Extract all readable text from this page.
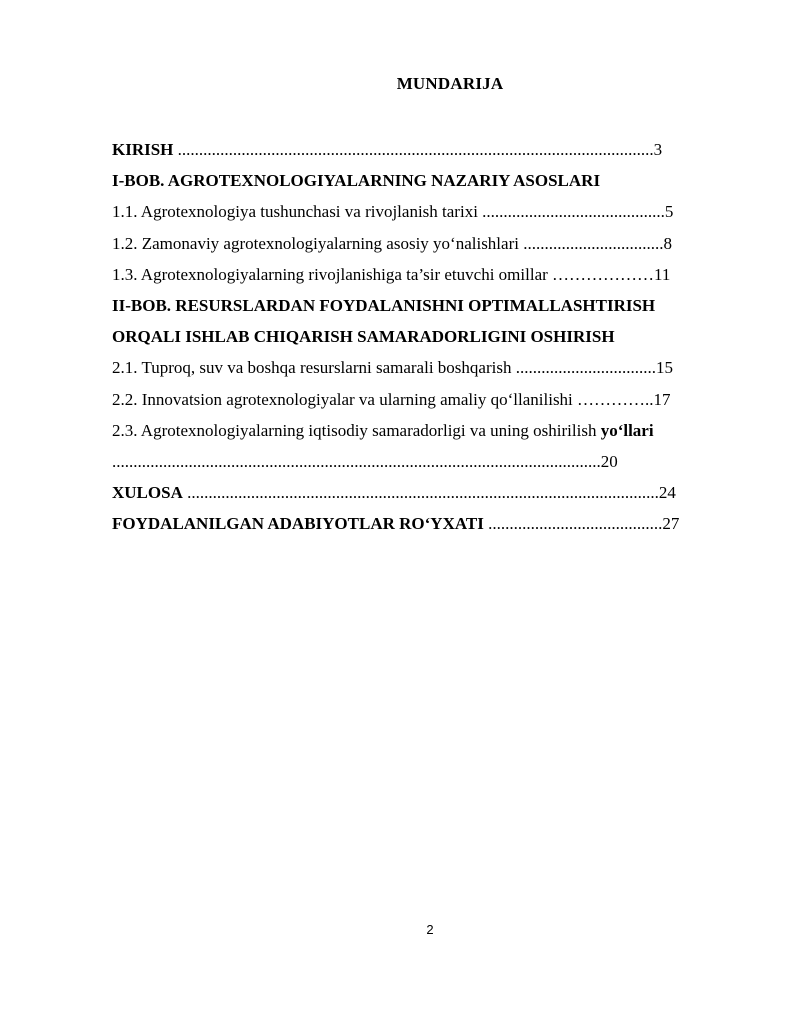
MUNDARIJA
KIRISH ................................................................................................................3
I-BOB. AGROTEXNOLOGIYALARNING NAZARIY ASOSLARI
1.1. Agrotexnologiya tushunchasi va rivojlanish tarixi ...........................................5
1.2. Zamonaviy agrotexnologiyalarning asosiy yo‘nalishlari .................................8
1.3. Agrotexnologiyalarning rivojlanishiga ta’sir etuvchi omillar ………………11
II-BOB. RESURSLARDAN FOYDALANISHNI OPTIMALLASHTIRISH
ORQALI ISHLAB CHIQARISH SAMARADORLIGINI OSHIRISH
2.1. Tuproq, suv va boshqa resurslarni samarali boshqarish .................................15
2.2. Innovatsion agrotexnologiyalar va ularning amaliy qo‘llanilishi …………..17
2.3. Agrotexnologiyalarning iqtisodiy samaradorligi va uning oshirilish yo‘llari
...................................................................................................................20
XULOSA ...............................................................................................................24
FOYDALANILGAN ADABIYOTLAR RO‘YXATI .........................................27
2
